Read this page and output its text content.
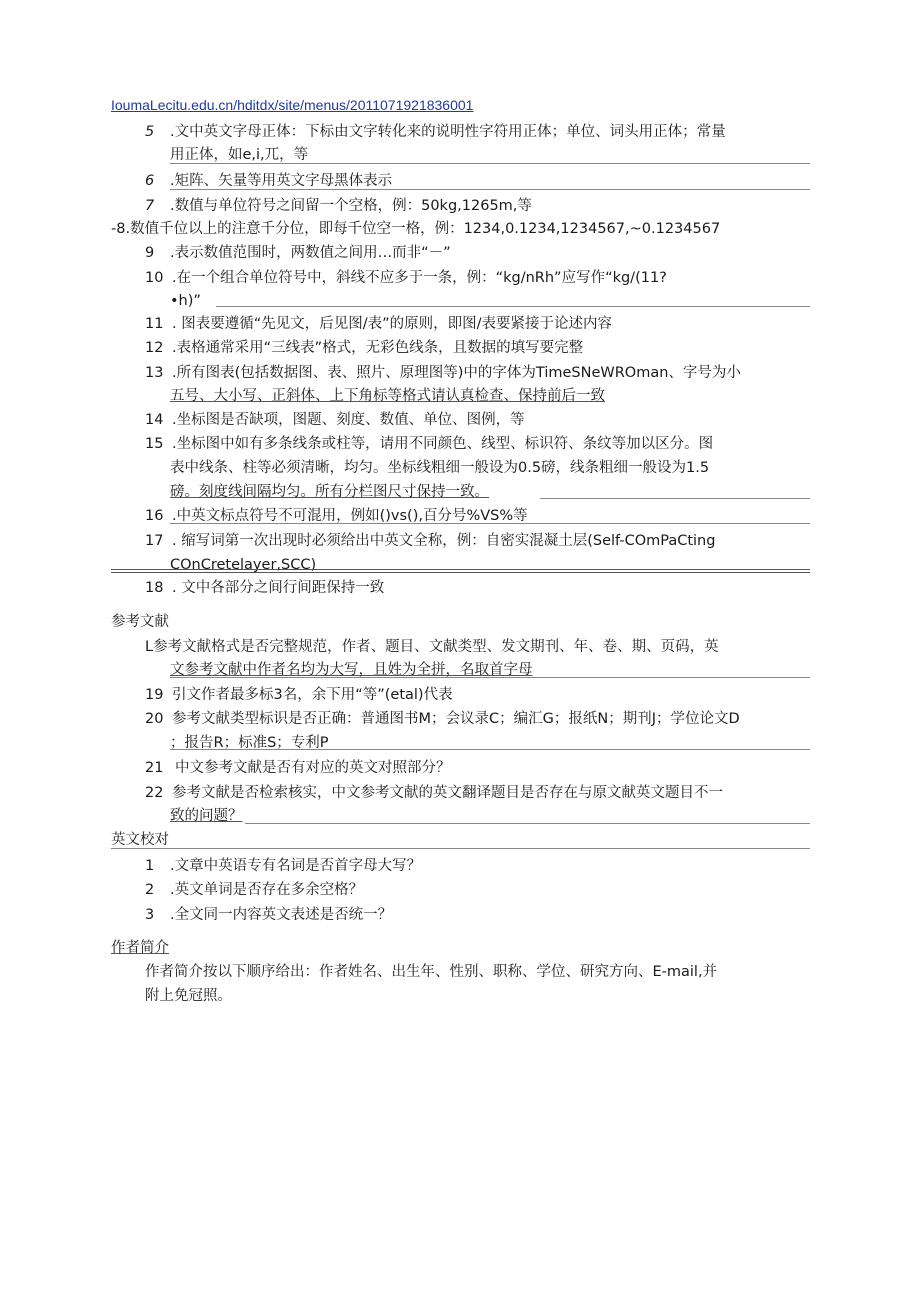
IoumaLecitu.edu.cn/hditdx/site/menus/2011071921836001
5 .文中英文字母正体：下标由文字转化来的说明性字符用正体；单位、词头用正体；常量
用正体，如e,i,兀，等
6 .矩阵、矢量等用英文字母黑体表示
7 .数值与单位符号之间留一个空格，例：50kg,1265m,等
-8.数值千位以上的注意千分位，即每千位空一格，例：1234,0.1234,1234567,~0.1234567
9 .表示数值范围时，两数值之间用…而非“－”
10 .在一个组合单位符号中，斜线不应多于一条，例：“kg/nRh”应写作“kg/(11?
•h)”
11 . 图表要遵循“先见文，后见图/表”的原则，即图/表要紧接于论述内容
12 .表格通常采用“三线表”格式，无彩色线条，且数据的填写要完整
13 .所有图表(包括数据图、表、照片、原理图等)中的字体为TimeSNeWROman、字号为小
五号、大小写、正斜体、上下角标等格式请认真检查、保持前后一致
14 .坐标图是否缺项，图题、刻度、数值、单位、图例，等
15 .坐标图中如有多条线条或柱等，请用不同颜色、线型、标识符、条纹等加以区分。图
表中线条、柱等必须清晰，均匀。坐标线粗细一般设为0.5磅，线条粗细一般设为1.5
磅。刻度线间隔均匀。所有分栏图尺寸保持一致。
16 .中英文标点符号不可混用，例如()vs(),百分号%VS%等
17 . 缩写词第一次出现时必须给出中英文全称，例：自密实混凝土层(Self-COmPaCting
COnCretelayer,SCC)
18 . 文中各部分之间行间距保持一致
参考文献
L参考文献格式是否完整规范，作者、题目、文献类型、发文期刊、年、卷、期、页码，英
文参考文献中作者名均为大写，且姓为全拼，名取首字母
19 引文作者最多标3名，余下用“等”(etal)代表
20 参考文献类型标识是否正确：普通图书M；会议录C；编汇G；报纸N；期刊J；学位论文D
；报告R；标准S；专利P
21 中文参考文献是否有对应的英文对照部分？
22 参考文献是否检索核实，中文参考文献的英文翻译题目是否存在与原文献英文题目不一
致的问题？
英文校对
1 .文章中英语专有名词是否首字母大写？
2 .英文单词是否存在多余空格？
3 .全文同一内容英文表述是否统一？
作者简介
作者简介按以下顺序给出：作者姓名、出生年、性别、职称、学位、研究方向、E-mail,并
附上免冠照。
